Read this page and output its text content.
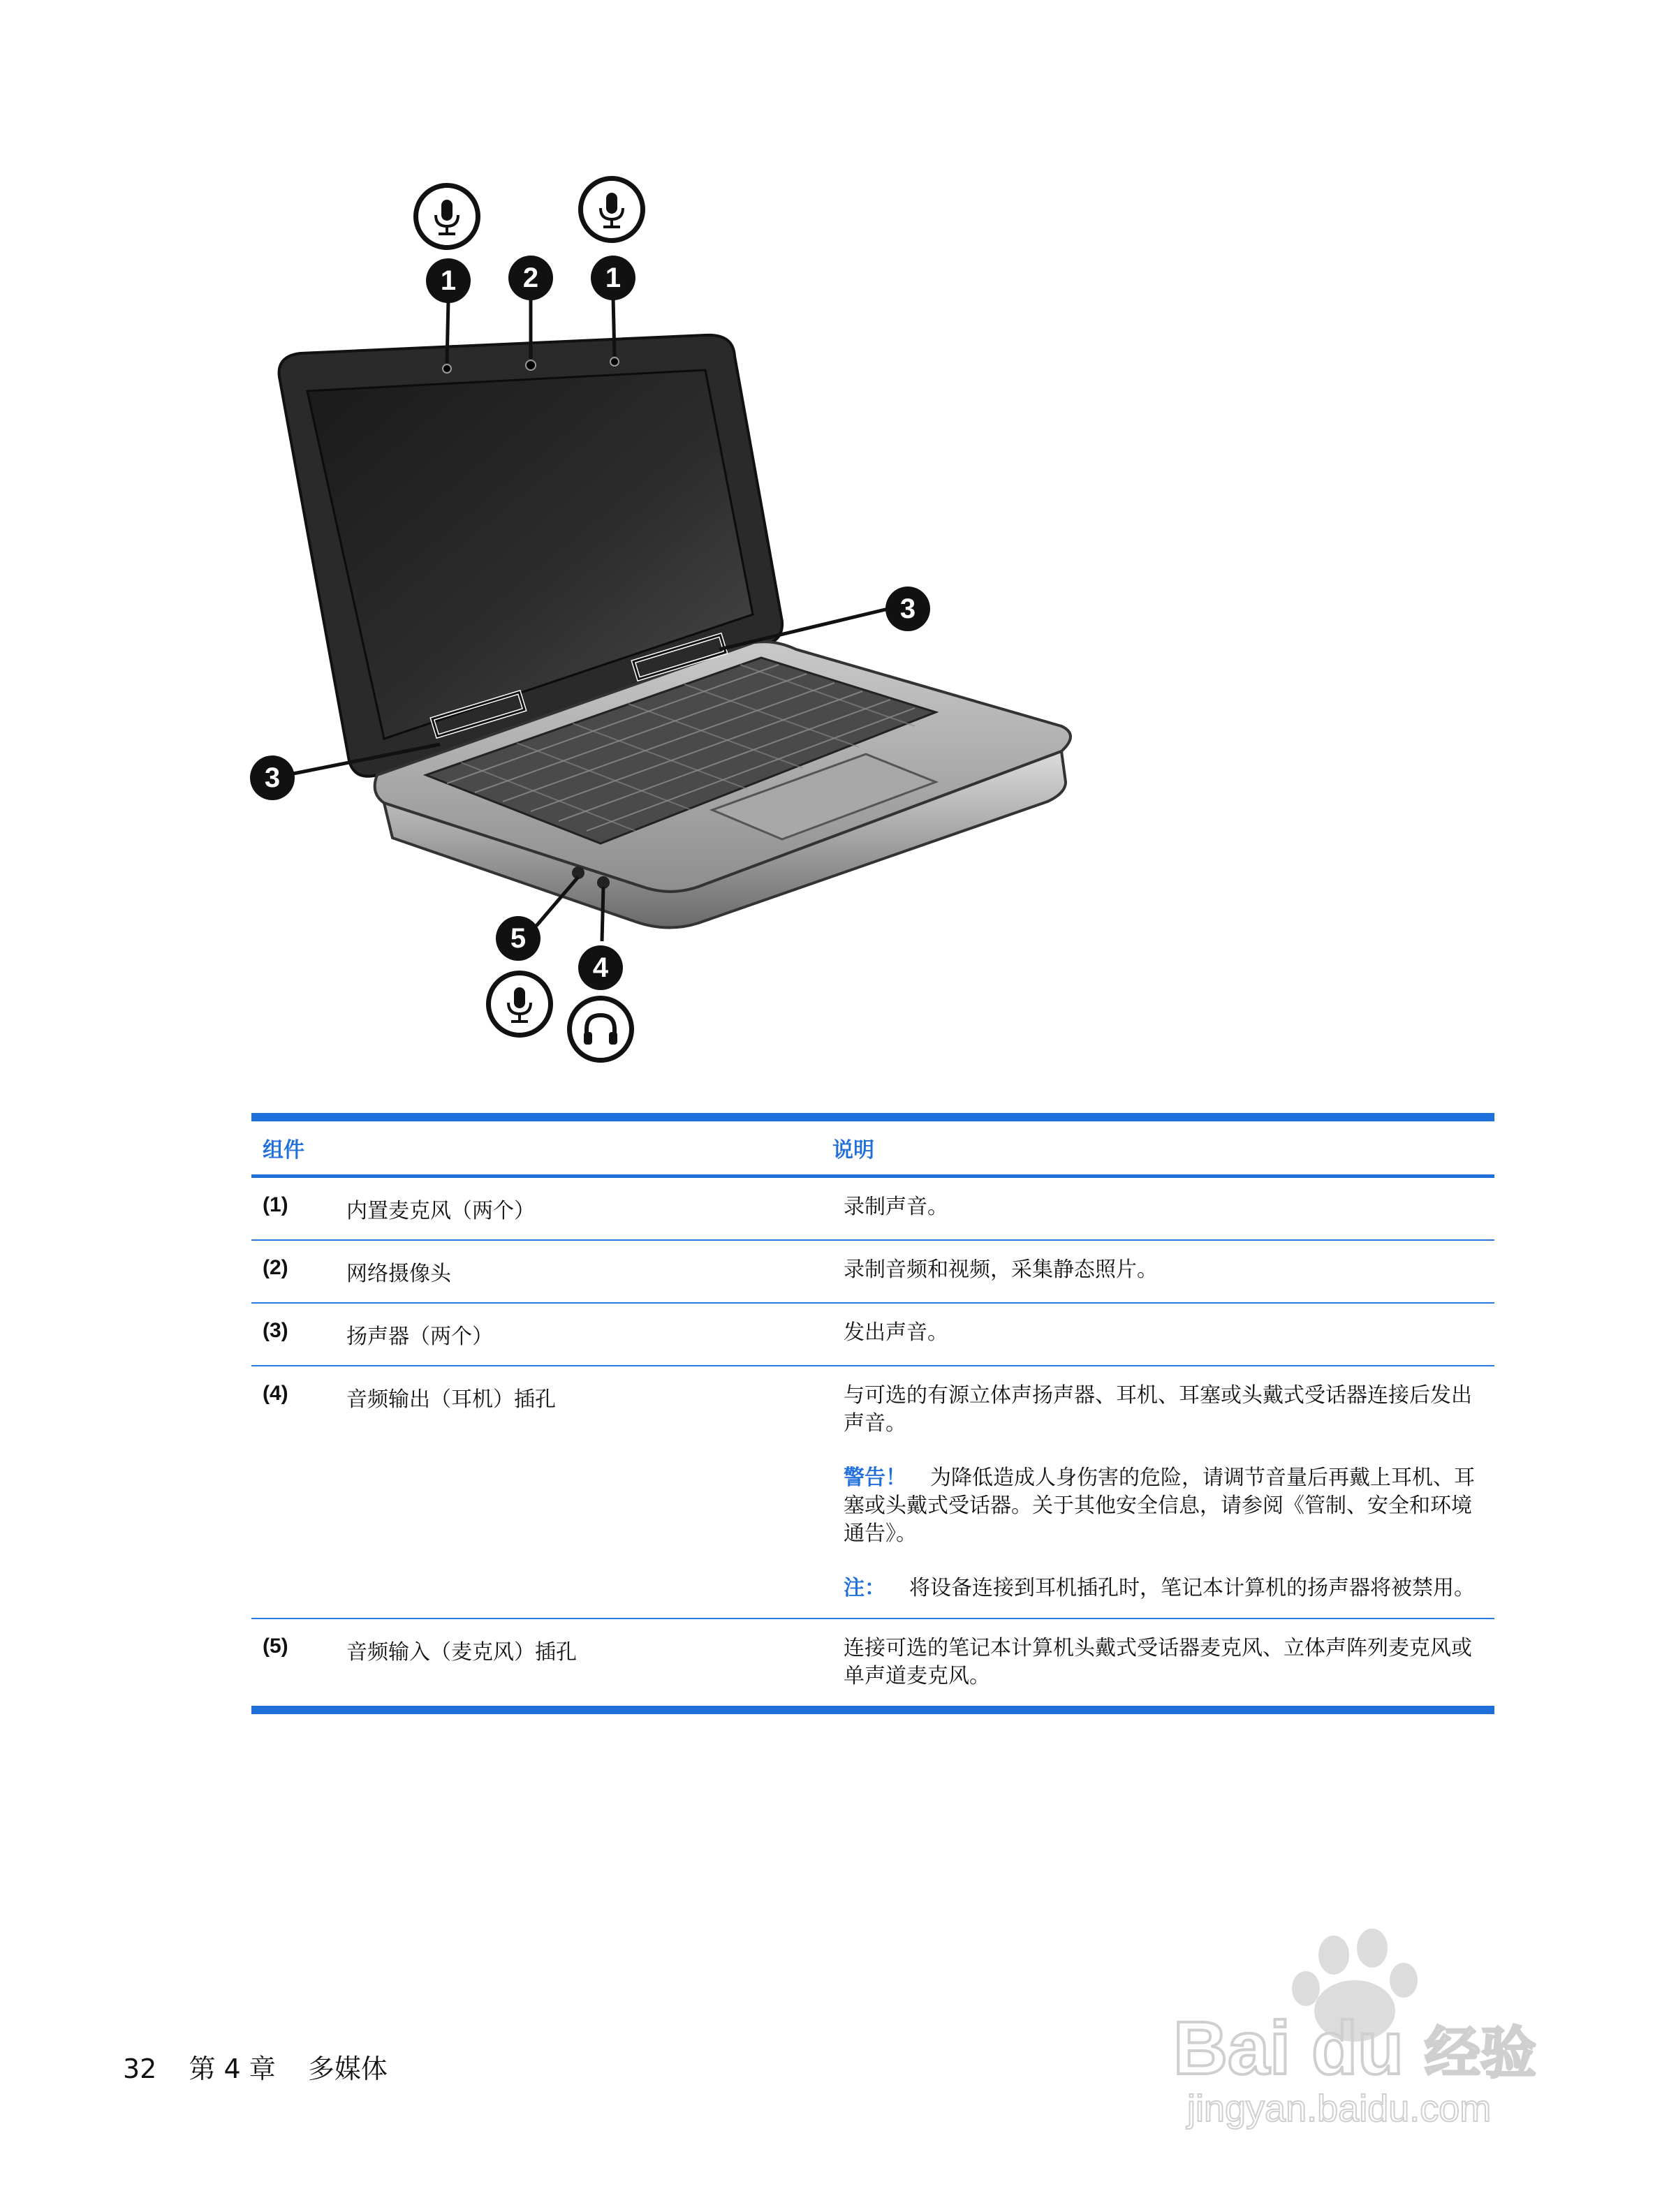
1	2	1
3
3
5
4
组件	说明
(1)	内置麦克风（两个）	录制声音。

(2)	网络摄像头	录制音频和视频，采集静态照片。

(3)	扬声器（两个）	发出声音。

(4)	音频输出（耳机）插孔	与可选的有源立体声扬声器、耳机、耳塞或头戴式受话器连接后发出声音。

警告！ 为降低造成人身伤害的危险，请调节音量后再戴上耳机、耳塞或头戴式受话器。关于其他安全信息，请参阅《管制、安全和环境通告》。

注： 将设备连接到耳机插孔时，笔记本计算机的扬声器将被禁用。

(5)	音频输入（麦克风）插孔	连接可选的笔记本计算机头戴式受话器麦克风、立体声阵列麦克风或单声道麦克风。

32 第 4 章 多媒体	Bai du 经验
jingyan.baidu.com
